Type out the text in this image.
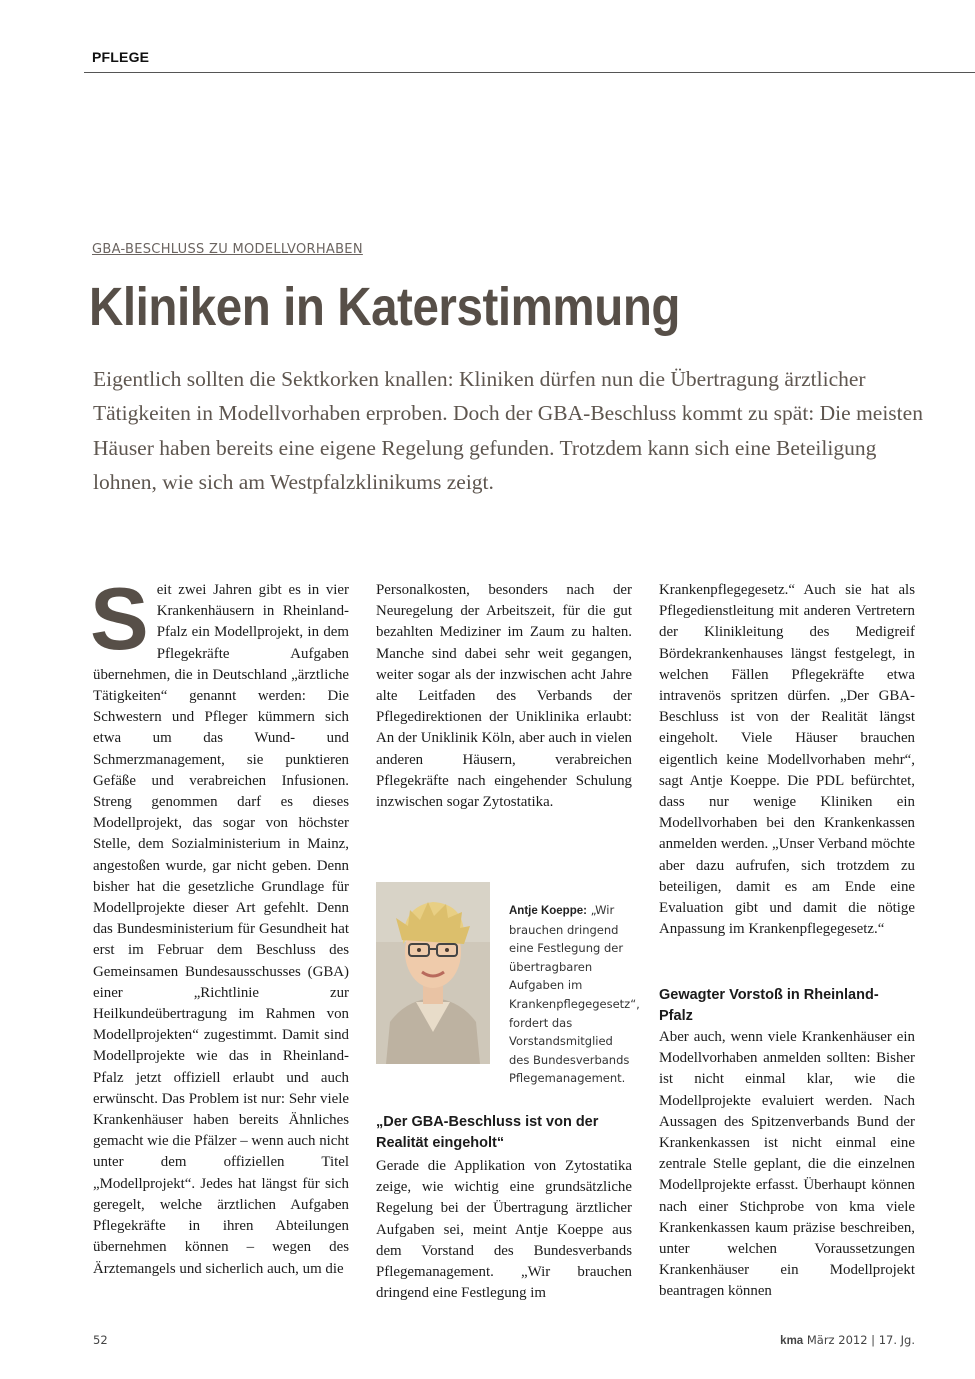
PFLEGE
GBA-BESCHLUSS ZU MODELLVORHABEN
Kliniken in Katerstimmung

Eigentlich sollten die Sektkorken knallen: Kliniken dürfen nun die Übertragung ärztlicher Tätigkeiten in Modellvorhaben erproben. Doch der GBA-Beschluss kommt zu spät: Die meisten Häuser haben bereits eine eigene Regelung gefunden. Trotzdem kann sich eine Beteiligung lohnen, wie sich am Westpfalzklinikums zeigt.

S eit zwei Jahren gibt es in vier Krankenhäusern in Rheinland-Pfalz ein Modellprojekt, in dem Pflegekräfte Aufgaben übernehmen, die in Deutschland „ärztliche Tätigkeiten“ genannt werden: Die Schwestern und Pfleger kümmern sich etwa um das Wund- und Schmerzmanagement, sie punktieren Gefäße und verabreichen Infusionen. Streng genommen darf es dieses Modellprojekt, das sogar von höchster Stelle, dem Sozialministerium in Mainz, angestoßen wurde, gar nicht geben. Denn bisher hat die gesetzliche Grundlage für Modellprojekte dieser Art gefehlt. Denn das Bundesministerium für Gesundheit hat erst im Februar dem Beschluss des Gemeinsamen Bundesausschusses (GBA) einer „Richtlinie zur Heilkundeübertragung im Rahmen von Modellprojekten“ zugestimmt. Damit sind Modellprojekte wie das in Rheinland-Pfalz jetzt offiziell erlaubt und auch erwünscht. Das Problem ist nur: Sehr viele Krankenhäuser haben bereits Ähnliches gemacht wie die Pfälzer – wenn auch nicht unter dem offiziellen Titel „Modellprojekt“. Jedes hat längst für sich geregelt, welche ärztlichen Aufgaben Pflegekräfte in ihren Abteilungen übernehmen können – wegen des Ärztemangels und sicherlich auch, um die

Personalkosten, besonders nach der Neuregelung der Arbeitszeit, für die gut bezahlten Mediziner im Zaum zu halten. Manche sind dabei sehr weit gegangen, weiter sogar als der inzwischen acht Jahre alte Leitfaden des Verbands der Pflegedirektionen der Uniklinika erlaubt: An der Uniklinik Köln, aber auch in vielen anderen Häusern, verabreichen Pflegekräfte nach eingehender Schulung inzwischen sogar Zytostatika.

Antje Koeppe: „Wir brauchen dringend eine Festlegung der übertragbaren Aufgaben im Krankenpflegegesetz“, fordert das Vorstandsmitglied des Bundesverbands Pflegemanagement.
„Der GBA-Beschluss ist von der Realität eingeholt“

Gerade die Applikation von Zytostatika zeige, wie wichtig eine grundsätzliche Regelung bei der Übertragung ärztlicher Aufgaben sei, meint Antje Koeppe aus dem Vorstand des Bundesverbands Pflegemanagement. „Wir brauchen dringend eine Festlegung im

Krankenpflegegesetz.“ Auch sie hat als Pflegedienstleitung mit anderen Vertretern der Klinikleitung des Medigreif Bördekrankenhauses längst festgelegt, in welchen Fällen Pflegekräfte etwa intravenös spritzen dürfen. „Der GBA-Beschluss ist von der Realität längst eingeholt. Viele Häuser brauchen eigentlich keine Modellvorhaben mehr“, sagt Antje Koeppe. Die PDL befürchtet, dass nur wenige Kliniken ein Modellvorhaben bei den Krankenkassen anmelden werden. „Unser Verband möchte aber dazu aufrufen, sich trotzdem zu beteiligen, damit es am Ende eine Evaluation gibt und damit die nötige Anpassung im Krankenpflegegesetz.“

Gewagter Vorstoß in Rheinland-Pfalz

Aber auch, wenn viele Krankenhäuser ein Modellvorhaben anmelden sollten: Bisher ist nicht einmal klar, wie die Modellprojekte evaluiert werden. Nach Aussagen des Spitzenverbands Bund der Krankenkassen ist nicht einmal eine zentrale Stelle geplant, die die einzelnen Modellprojekte erfasst. Überhaupt können nach einer Stichprobe von kma viele Krankenkassen kaum präzise beschreiben, unter welchen Voraussetzungen Krankenhäuser ein Modellprojekt beantragen können

52	kma März 2012 | 17. Jg.
